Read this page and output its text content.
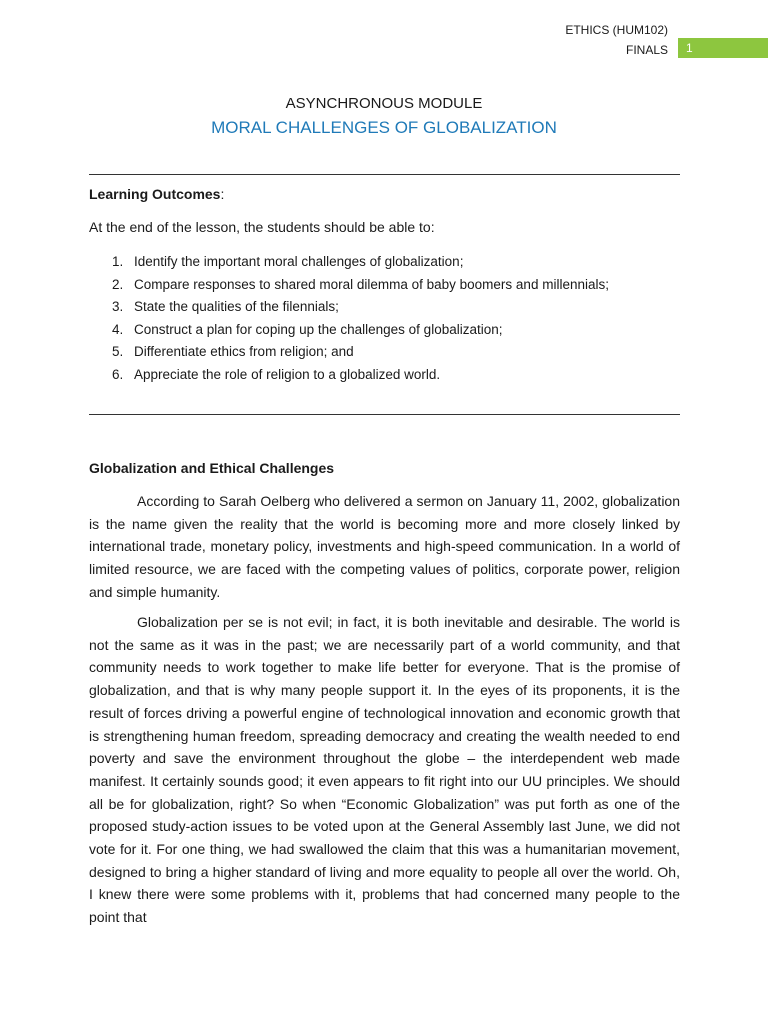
ETHICS (HUM102)
FINALS	1

ASYNCHRONOUS MODULE

MORAL CHALLENGES OF GLOBALIZATION

Learning Outcomes:

At the end of the lesson, the students should be able to:

1. Identify the important moral challenges of globalization;
2. Compare responses to shared moral dilemma of baby boomers and millennials;
3. State the qualities of the filennials;
4. Construct a plan for coping up the challenges of globalization;
5. Differentiate ethics from religion; and
6. Appreciate the role of religion to a globalized world.

Globalization and Ethical Challenges

According to Sarah Oelberg who delivered a sermon on January 11, 2002, globalization is the name given the reality that the world is becoming more and more closely linked by international trade, monetary policy, investments and high-speed communication. In a world of limited resource, we are faced with the competing values of politics, corporate power, religion and simple humanity.

Globalization per se is not evil; in fact, it is both inevitable and desirable. The world is not the same as it was in the past; we are necessarily part of a world community, and that community needs to work together to make life better for everyone. That is the promise of globalization, and that is why many people support it. In the eyes of its proponents, it is the result of forces driving a powerful engine of technological innovation and economic growth that is strengthening human freedom, spreading democracy and creating the wealth needed to end poverty and save the environment throughout the globe – the interdependent web made manifest. It certainly sounds good; it even appears to fit right into our UU principles. We should all be for globalization, right? So when “Economic Globalization” was put forth as one of the proposed study-action issues to be voted upon at the General Assembly last June, we did not vote for it. For one thing, we had swallowed the claim that this was a humanitarian movement, designed to bring a higher standard of living and more equality to people all over the world. Oh, I knew there were some problems with it, problems that had concerned many people to the point that
